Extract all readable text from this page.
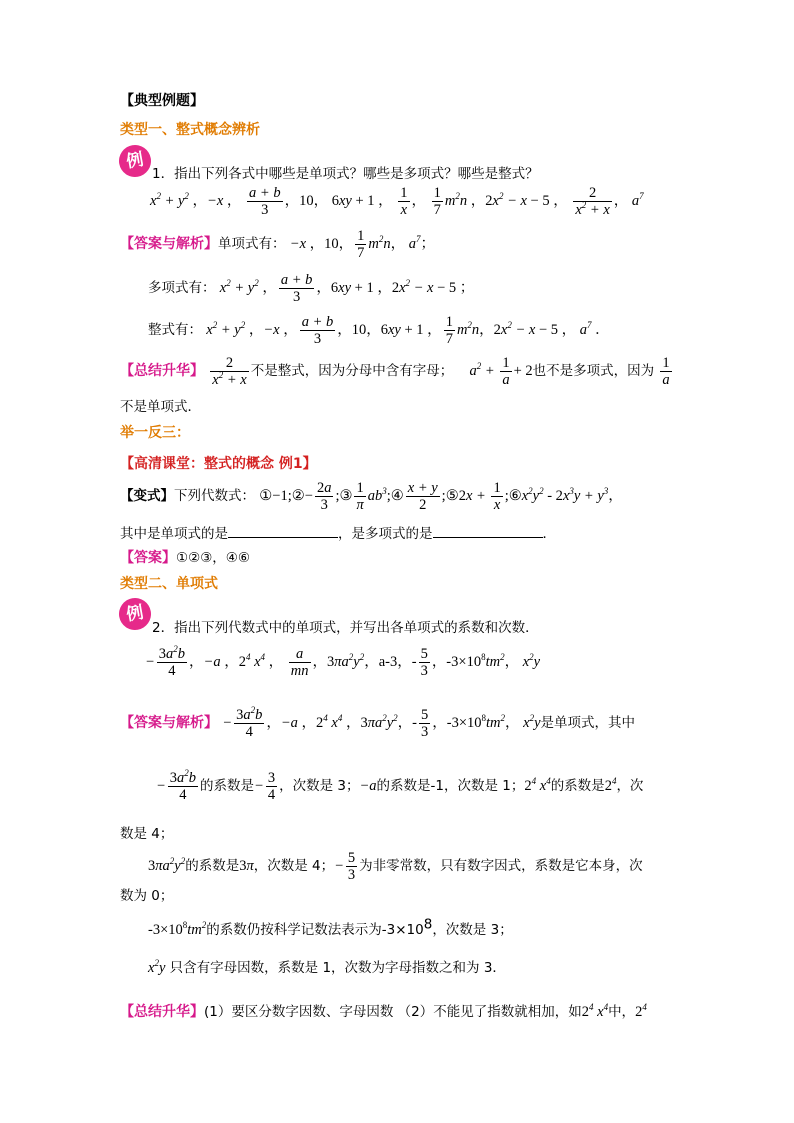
【典型例题】
类型一、整式概念辨析
例
1．指出下列各式中哪些是单项式？哪些是多项式？哪些是整式？
$x^2 + y^2$ ，−x ， $\frac{a + b}{3}$ ，10， 6xy + 1 ， $\frac{1}{x}$ ， $\frac{1}{7} m^2n$ ，$2x^2 - x - 5$ ， $\frac{2}{x^2 + x}$ ， $a^7$
【答案与解析】单项式有： −x ，10， $\frac{1}{7} m^2n$， $a^7$；
多项式有： $x^2 + y^2$ ， $\frac{a + b}{3}$ ，6xy + 1 ，$2x^2 - x - 5$ ；
整式有： $x^2 + y^2$ ，−x ， $\frac{a + b}{3}$ ，10，6xy + 1 ， $\frac{1}{7} m^2n$，$2x^2 - x - 5$ ， $a^7$ ．
【总结升华】 $\frac{2}{x^2 + x}$ 不是整式，因为分母中含有字母； $a^2 + \frac{1}{a} + 2$也不是多项式，因为 $\frac{1}{a}$
不是单项式．
举一反三：
【高清课堂：整式的概念 例1】
【变式】下列代数式： ①−1;②− $\frac{2a}{3}$ ;③ $\frac{1}{\pi}$ $ab^3;④ \frac{x + y}{2}$ ;⑤2x + $\frac{1}{x}$ $;⑥x^2y^2 - 2x^3y + y^3$，
其中是单项式的是	，是多项式的是	．
【答案】①②③，④⑥
类型二、单项式
例
2．指出下列代数式中的单项式，并写出各单项式的系数和次数．
− $\frac{3a^2b}{4}$ ，−a ，$2^4$ $x^4$ ， $\frac{a}{mn}$ ，$3\pi a^2y^2$，a-3，- $\frac{5}{3}$ ，$-3\times 10^8tm^2$， $x^2y$
【答案与解析】 − $\frac{3a^2b}{4}$ ，−a ，$2^4$ $x^4$ ，$3\pi a^2y^2$，- $\frac{5}{3}$ ，$-3\times 10^8tm^2$， $x^2y$是单项式，其中
− $\frac{3a^2b}{4}$ 的系数是− $\frac{3}{4}$ ，次数是 3；−a的系数是-1，次数是 1；$2^4$ $x^4$的系数是$2^4$，次
数是 4；
$3\pi a^2y^2$的系数是3π，次数是 4；− $\frac{5}{3}$ 为非零常数，只有数字因式，系数是它本身，次
数为 0；
$-3\times 10^8tm^2$的系数仍按科学记数法表示为$-3\times 10^8$，次数是 3；
$x^2y$ 只含有字母因数，系数是 1，次数为字母指数之和为 3．
【总结升华】(1）要区分数字因数、字母因数 （2）不能见了指数就相加，如$2^4$ $x^4$中，$2^4$
